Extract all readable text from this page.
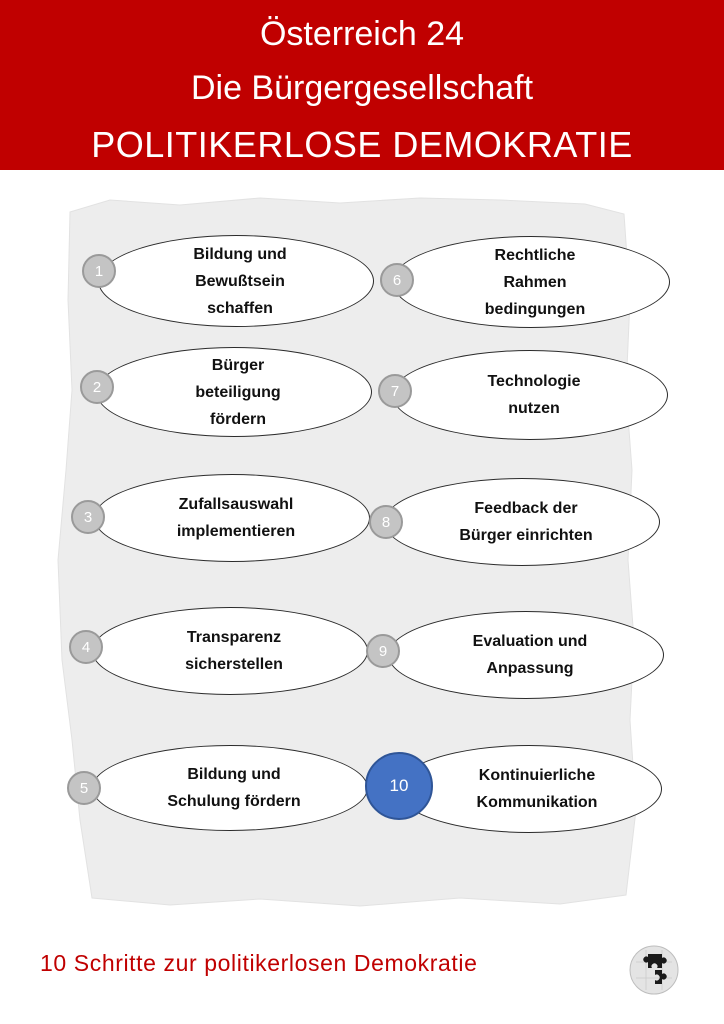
Österreich 24
Die Bürgergesellschaft
POLITIKERLOSE DEMOKRATIE
Bildung und
Bewußtsein
schaffen
1
Bürger
beteiligung
fördern
2
Zufallsauswahl
implementieren
3
Transparenz
sicherstellen
4
Bildung und
Schulung fördern
5
Rechtliche
Rahmen
bedingungen
6
Technologie
nutzen
7
Feedback der
Bürger einrichten
8
Evaluation und
Anpassung
9
Kontinuierliche
Kommunikation
10
10 Schritte zur politikerlosen Demokratie
